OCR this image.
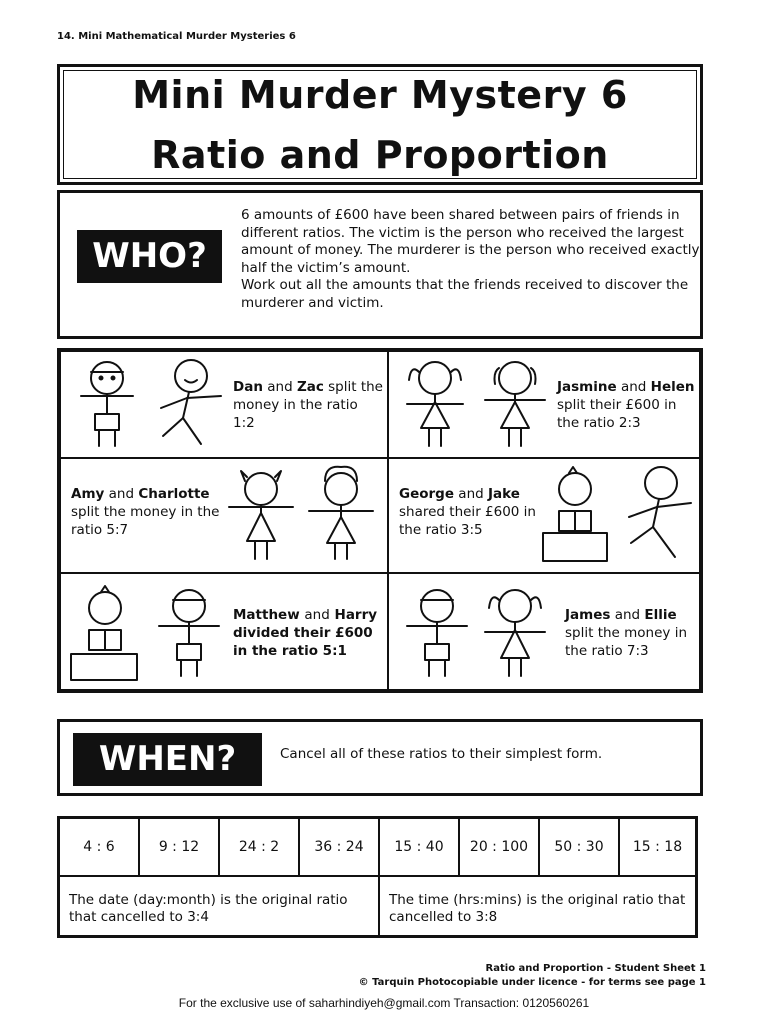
14. Mini Mathematical Murder Mysteries 6
Mini Murder Mystery 6
Ratio and Proportion
WHO?
6 amounts of £600 have been shared between pairs of friends in different ratios. The victim is the person who received the largest amount of money. The murderer is the person who received exactly half the victim’s amount.
Work out all the amounts that the friends received to discover the murderer and victim.
Dan and Zac split the money in the ratio 1:2
Jasmine and Helen split their £600 in the ratio 2:3
Amy and Charlotte split the money in the ratio 5:7
George and Jake shared their £600 in the ratio 3:5
Matthew and Harry divided their £600 in the ratio 5:1
James and Ellie split the money in the ratio 7:3
WHEN?	Cancel all of these ratios to their simplest form.
4 : 6	9 : 12	24 : 2	36 : 24	15 : 40	20 : 100	50 : 30	15 : 18
The date (day:month) is the original ratio that cancelled to 3:4
The time (hrs:mins) is the original ratio that cancelled to 3:8
Ratio and Proportion - Student Sheet 1
© Tarquin Photocopiable under licence - for terms see page 1
For the exclusive use of saharhindiyeh@gmail.com Transaction: 0120560261
